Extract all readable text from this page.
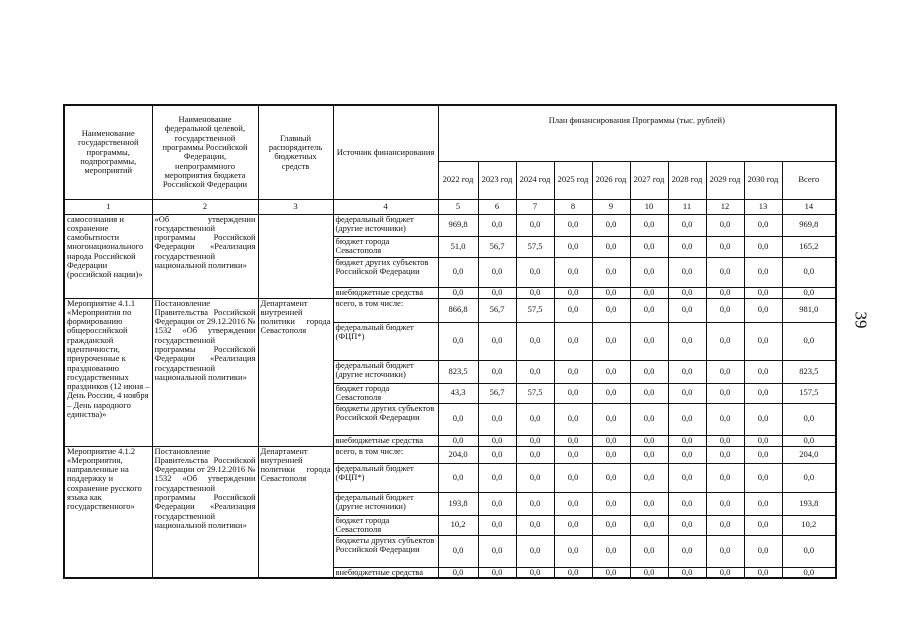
39
Наименование государственной программы, подпрограммы, мероприятий	Наименование федеральной целевой, государственной программы Российской Федерации, непрограммного мероприятия бюджета Российской Федерации	Главный распорядитель бюджетных средств	Источник финансирования	План финансирования Программы (тыс. рублей)									
				2022 год	2023 год	2024 год	2025 год	2026 год	2027 год	2028 год	2029 год	2030 год	Всего
1	2	3	4	5	6	7	8	9	10	11	12	13	14
самосознания и сохранение самобытности многонационального народа Российской Федерации (российской нации)»	«Об утверждении государственной программы Российской Федерации «Реализация государственной национальной политики»		федеральный бюджет (другие источники)	969,8	0,0	0,0	0,0	0,0	0,0	0,0	0,0	0,0	969,8
			бюджет города Севастополя	51,0	56,7	57,5	0,0	0,0	0,0	0,0	0,0	0,0	165,2
			бюджет других субъектов Российской Федерации	0,0	0,0	0,0	0,0	0,0	0,0	0,0	0,0	0,0	0,0
			внебюджетные средства	0,0	0,0	0,0	0,0	0,0	0,0	0,0	0,0	0,0	0,0
Мероприятие 4.1.1 «Мероприятия по формированию общероссийской гражданской идентичности, приуроченные к празднованию государственных праздников (12 июня – День России, 4 ноября – День народного единства)»	Постановление Правительства Российской Федерации от 29.12.2016 № 1532 «Об утверждении государственной программы Российской Федерации «Реализация государственной национальной политики»	Департамент внутренней политики города Севастополя	всего, в том числе:	866,8	56,7	57,5	0,0	0,0	0,0	0,0	0,0	0,0	981,0
			федеральный бюджет (ФЦП*)	0,0	0,0	0,0	0,0	0,0	0,0	0,0	0,0	0,0	0,0
			федеральный бюджет (другие источники)	823,5	0,0	0,0	0,0	0,0	0,0	0,0	0,0	0,0	823,5
			бюджет города Севастополя	43,3	56,7	57,5	0,0	0,0	0,0	0,0	0,0	0,0	157,5
			бюджеты других субъектов Российской Федерации	0,0	0,0	0,0	0,0	0,0	0,0	0,0	0,0	0,0	0,0
			внебюджетные средства	0,0	0,0	0,0	0,0	0,0	0,0	0,0	0,0	0,0	0,0
Мероприятие 4.1.2 «Мероприятия, направленные на поддержку и сохранение русского языка как государственного»	Постановление Правительства Российской Федерации от 29.12.2016 № 1532 «Об утверждении государственной программы Российской Федерации «Реализация государственной национальной политики»	Департамент внутренней политики города Севастополя	всего, в том числе:	204,0	0,0	0,0	0,0	0,0	0,0	0,0	0,0	0,0	204,0
			федеральный бюджет (ФЦП*)	0,0	0,0	0,0	0,0	0,0	0,0	0,0	0,0	0,0	0,0
			федеральный бюджет (другие источники)	193,8	0,0	0,0	0,0	0,0	0,0	0,0	0,0	0,0	193,8
			бюджет города Севастополя	10,2	0,0	0,0	0,0	0,0	0,0	0,0	0,0	0,0	10,2
			бюджеты других субъектов Российской Федерации	0,0	0,0	0,0	0,0	0,0	0,0	0,0	0,0	0,0	0,0
			внебюджетные средства	0,0	0,0	0,0	0,0	0,0	0,0	0,0	0,0	0,0	0,0
